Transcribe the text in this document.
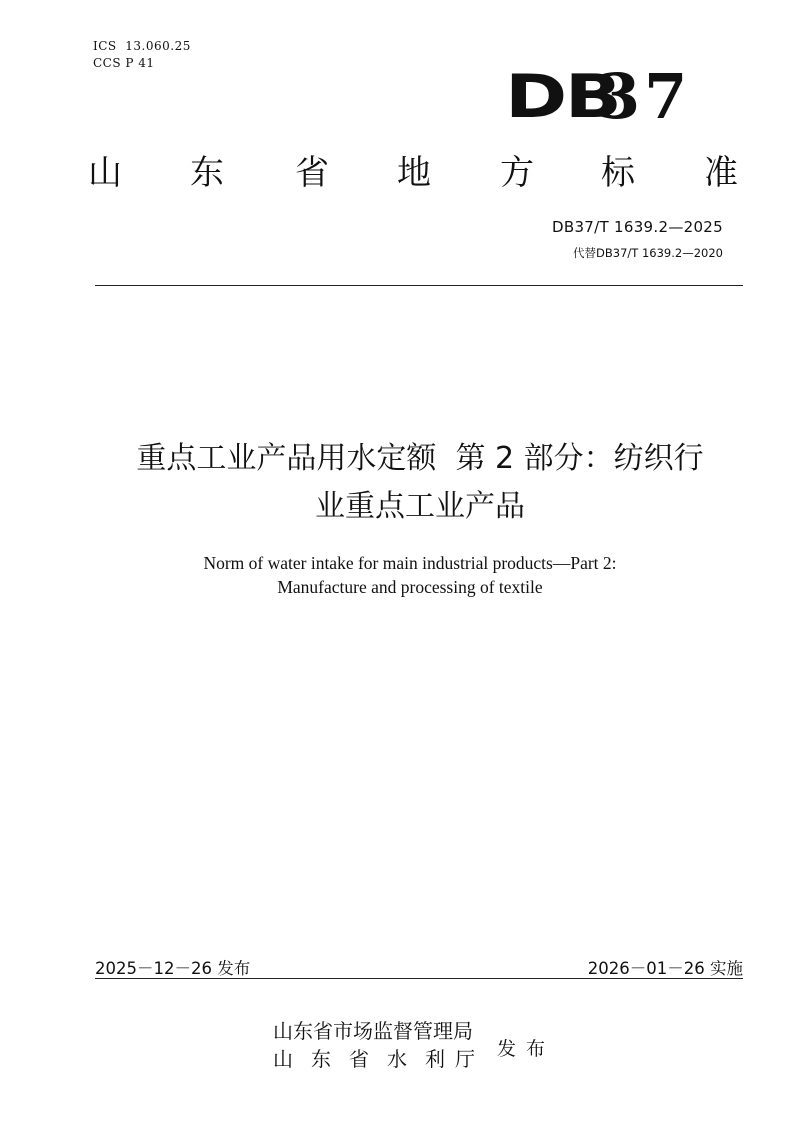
ICS  13.060.25
CCS P 41	DB
37
山 东 省 地 方 标 准
DB37/T 1639.2—2025
代替DB37/T 1639.2—2020
重点工业产品用水定额  第 2 部分：纺织行
业重点工业产品
Norm of water intake for main industrial products—Part 2:
Manufacture and processing of textile
2025－12－26 发布	2026－01－26 实施
山东省市场监督管理局
山 东 省 水 利 厅 发布
